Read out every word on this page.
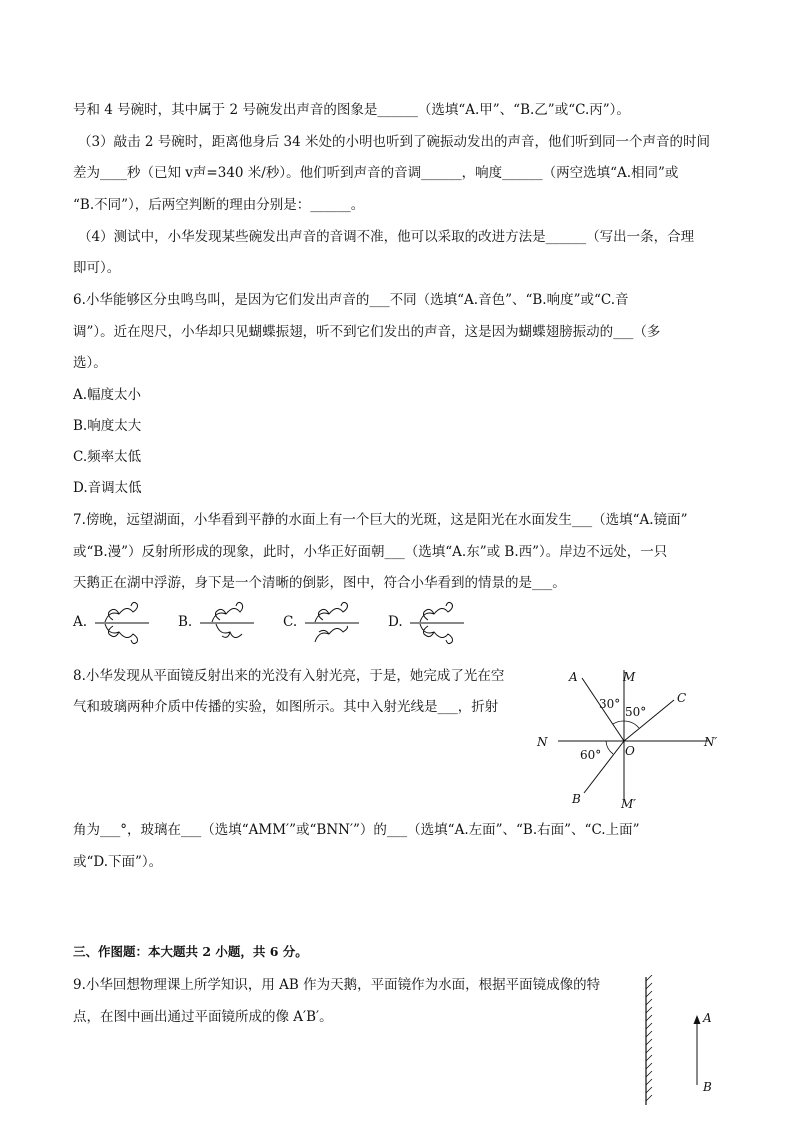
号和 4 号碗时，其中属于 2 号碗发出声音的图象是______（选填“A.甲”、“B.乙”或“C.丙”）。
（3）敲击 2 号碗时，距离他身后 34 米处的小明也听到了碗振动发出的声音，他们听到同一个声音的时间
差为____秒（已知 v声=340 米/秒）。他们听到声音的音调______，响度______（两空选填“A.相同”或
“B.不同”），后两空判断的理由分别是：______。
（4）测试中，小华发现某些碗发出声音的音调不准，他可以采取的改进方法是______（写出一条，合理
即可）。
6.小华能够区分虫鸣鸟叫，是因为它们发出声音的___不同（选填“A.音色”、“B.响度”或“C.音
调”）。近在咫尺，小华却只见蝴蝶振翅，听不到它们发出的声音，这是因为蝴蝶翅膀振动的___（多
选）。
A.幅度太小
B.响度太大
C.频率太低
D.音调太低
7.傍晚，远望湖面，小华看到平静的水面上有一个巨大的光斑，这是阳光在水面发生___（选填“A.镜面”
或“B.漫”）反射所形成的现象，此时，小华正好面朝___（选填“A.东”或 B.西”）。岸边不远处，一只
天鹅正在湖中浮游，身下是一个清晰的倒影，图中，符合小华看到的情景的是___。
A.	B.	C.	D.
8.小华发现从平面镜反射出来的光没有入射光亮，于是，她完成了光在空
气和玻璃两种介质中传播的实验，如图所示。其中入射光线是___，折射
角为___°，玻璃在___（选填“AMM′”或“BNN′”）的___（选填“A.左面”、“B.右面”、“C.上面”
或“D.下面”）。
A	M
C
N	N′
O
B	M′
30°
50°
60°
三、作图题：本大题共 2 小题，共 6 分。
9.小华回想物理课上所学知识，用 AB 作为天鹅，平面镜作为水面，根据平面镜成像的特
点，在图中画出通过平面镜所成的像 A′B′。	A
B
